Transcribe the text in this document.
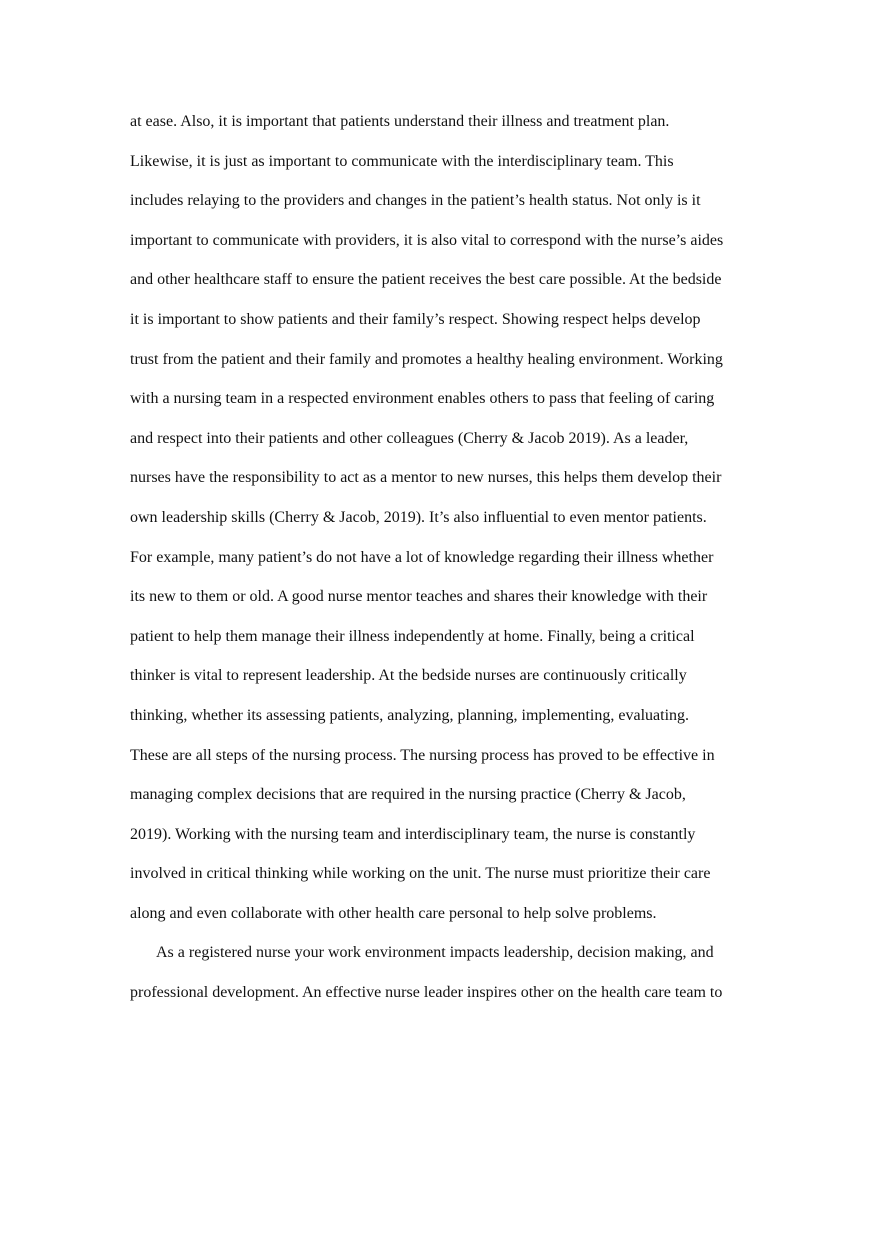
at ease. Also, it is important that patients understand their illness and treatment plan.
Likewise, it is just as important to communicate with the interdisciplinary team. This
includes relaying to the providers and changes in the patient’s health status. Not only is it
important to communicate with providers, it is also vital to correspond with the nurse’s aides
and other healthcare staff to ensure the patient receives the best care possible. At the bedside
it is important to show patients and their family’s respect. Showing respect helps develop
trust from the patient and their family and promotes a healthy healing environment. Working
with a nursing team in a respected environment enables others to pass that feeling of caring
and respect into their patients and other colleagues (Cherry & Jacob 2019). As a leader,
nurses have the responsibility to act as a mentor to new nurses, this helps them develop their
own leadership skills (Cherry & Jacob, 2019). It’s also influential to even mentor patients.
For example, many patient’s do not have a lot of knowledge regarding their illness whether
its new to them or old. A good nurse mentor teaches and shares their knowledge with their
patient to help them manage their illness independently at home. Finally, being a critical
thinker is vital to represent leadership. At the bedside nurses are continuously critically
thinking, whether its assessing patients, analyzing, planning, implementing, evaluating.
These are all steps of the nursing process. The nursing process has proved to be effective in
managing complex decisions that are required in the nursing practice (Cherry & Jacob,
2019). Working with the nursing team and interdisciplinary team, the nurse is constantly
involved in critical thinking while working on the unit. The nurse must prioritize their care
along and even collaborate with other health care personal to help solve problems.
As a registered nurse your work environment impacts leadership, decision making, and
professional development. An effective nurse leader inspires other on the health care team to
